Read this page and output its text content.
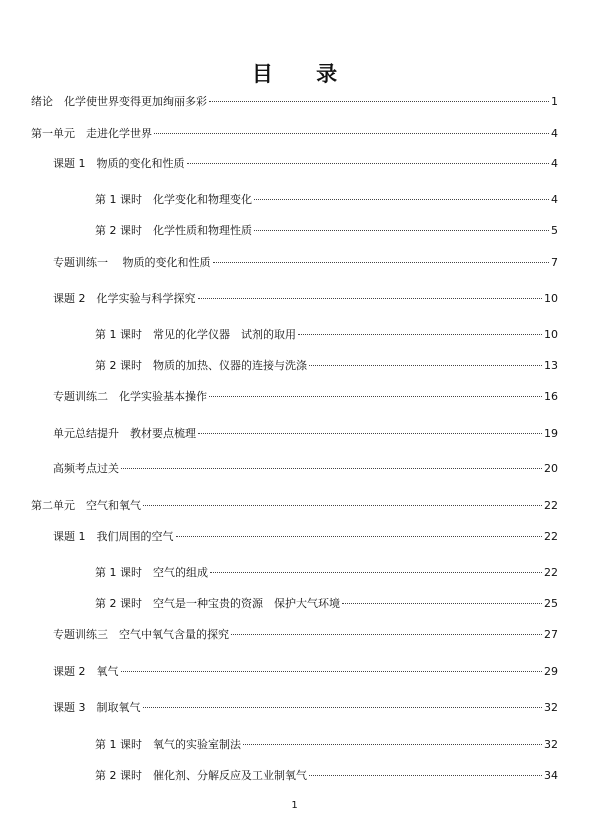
目 录
绪论　化学使世界变得更加绚丽多彩	1
第一单元　走进化学世界	4
课题 1　物质的变化和性质	4
第 1 课时　化学变化和物理变化	4
第 2 课时　化学性质和物理性质	5
专题训练一　 物质的变化和性质	7
课题 2　化学实验与科学探究	10
第 1 课时　常见的化学仪器　试剂的取用	10
第 2 课时　物质的加热、仪器的连接与洗涤	13
专题训练二　化学实验基本操作	16
单元总结提升　教材要点梳理	19
高频考点过关	20
第二单元　空气和氧气	22
课题 1　我们周围的空气	22
第 1 课时　空气的组成	22
第 2 课时　空气是一种宝贵的资源　保护大气环境	25
专题训练三　空气中氧气含量的探究	27
课题 2　氧气	29
课题 3　制取氧气	32
第 1 课时　氧气的实验室制法	32
第 2 课时　催化剂、分解反应及工业制氧气	34
1
